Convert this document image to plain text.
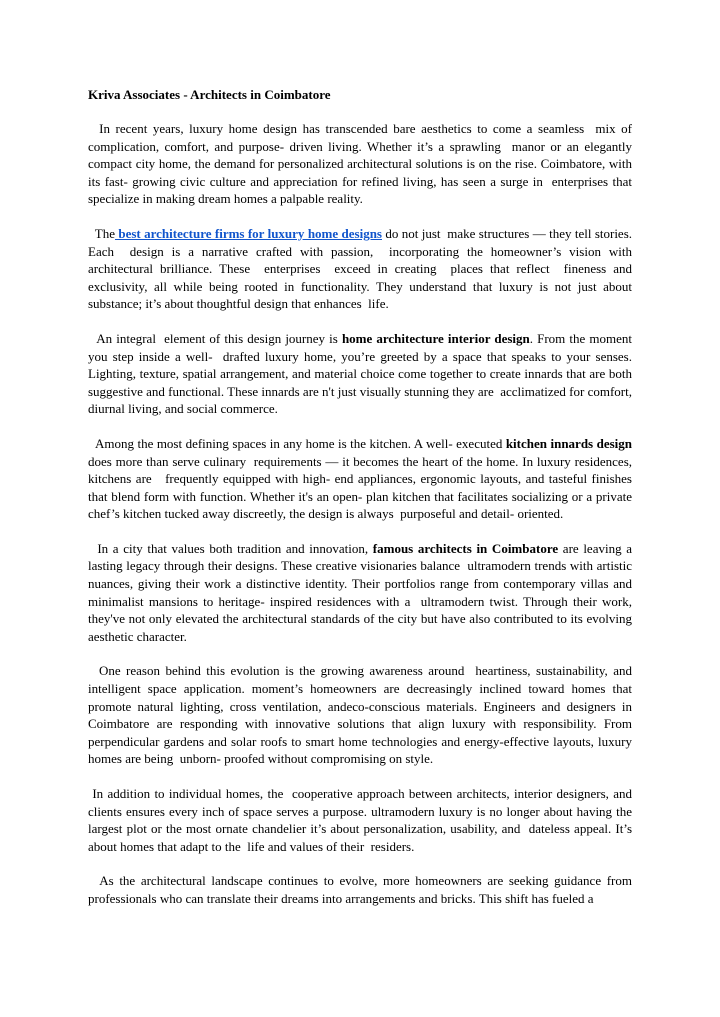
Kriva Associates - Architects in Coimbatore

In recent years, luxury home design has transcended bare aesthetics to come a seamless  mix of complication, comfort, and purpose- driven living. Whether it’s a sprawling  manor or an elegantly compact city home, the demand for personalized architectural solutions is on the rise. Coimbatore, with its fast- growing civic culture and appreciation for refined living, has seen a surge in  enterprises that specialize in making dream homes a palpable reality.

The best architecture firms for luxury home designs do not just  make structures — they tell stories. Each  design is a narrative crafted with passion,  incorporating the homeowner’s vision with architectural brilliance. These  enterprises  exceed in creating  places that reflect  fineness and exclusivity, all while being rooted in functionality. They understand that luxury is not just about substance; it’s about thoughtful design that enhances  life.

An integral  element of this design journey is home architecture interior design. From the moment you step inside a well-  drafted luxury home, you’re greeted by a space that speaks to your senses. Lighting, texture, spatial arrangement, and material choice come together to create innards that are both  suggestive and functional. These innards are n't just visually stunning they are  acclimatized for comfort,  diurnal living, and social commerce.

Among the most defining spaces in any home is the kitchen. A well- executed kitchen innards design does more than serve culinary  requirements — it becomes the heart of the home. In luxury residences, kitchens are   frequently equipped with high- end appliances, ergonomic layouts, and tasteful finishes that blend form with function. Whether it's an open- plan kitchen that facilitates socializing or a private chef’s kitchen tucked away discreetly, the design is always  purposeful and detail- oriented.

In a city that values both tradition and innovation, famous architects in Coimbatore are leaving a lasting legacy through their designs. These creative visionaries balance  ultramodern trends with artistic nuances, giving their work a distinctive identity. Their portfolios range from contemporary villas and minimalist mansions to heritage- inspired residences with a  ultramodern twist. Through their work, they've not only elevated the architectural standards of the city but have also contributed to its evolving aesthetic character.

One reason behind this evolution is the growing awareness around  heartiness, sustainability, and intelligent space application. moment’s homeowners are decreasingly inclined toward homes that promote natural lighting, cross ventilation, andeco-conscious materials. Engineers and designers in Coimbatore are responding with innovative solutions that align luxury with responsibility. From perpendicular gardens and solar roofs to smart home technologies and energy-effective layouts, luxury homes are being  unborn- proofed without compromising on style.

In addition to individual homes, the  cooperative approach between architects, interior designers, and clients ensures every inch of space serves a purpose. ultramodern luxury is no longer about having the largest plot or the most ornate chandelier it’s about personalization, usability, and  dateless appeal. It’s about homes that adapt to the  life and values of their  residers.

As the architectural landscape continues to evolve, more homeowners are seeking guidance from professionals who can translate their dreams into arrangements and bricks. This shift has fueled a
